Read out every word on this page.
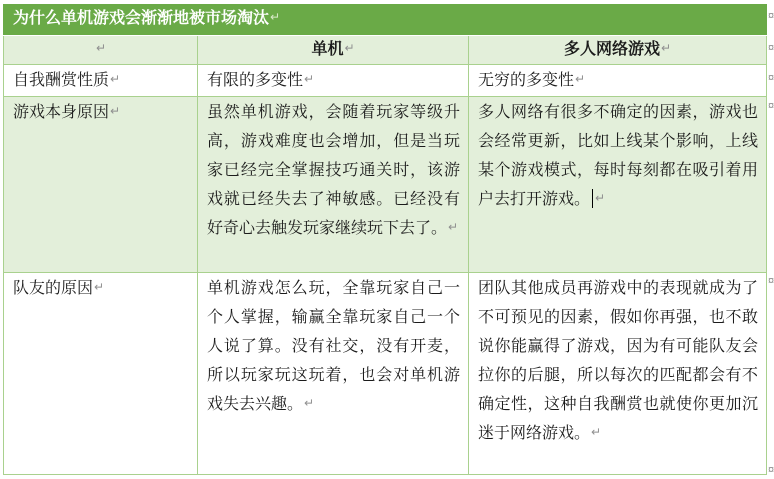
为什么单机游戏会渐渐地被市场淘汰↵		
↵	单机↵	多人网络游戏↵
自我酬赏性质↵	有限的多变性↵	无穷的多变性↵
游戏本身原因↵	虽然单机游戏，会随着玩家等级升高，游戏难度也会增加，但是当玩家已经完全掌握技巧通关时，该游戏就已经失去了神敏感。已经没有好奇心去触发玩家继续玩下去了。↵	多人网络有很多不确定的因素，游戏也会经常更新，比如上线某个影响，上线某个游戏模式，每时每刻都在吸引着用户去打开游戏。 ↵

队友的原因↵	单机游戏怎么玩，全靠玩家自己一个人掌握，输赢全靠玩家自己一个人说了算。没有社交，没有开麦，所以玩家玩这玩着，也会对单机游戏失去兴趣。↵	团队其他成员再游戏中的表现就成为了不可预见的因素，假如你再强，也不敢说你能赢得了游戏，因为有可能队友会拉你的后腿，所以每次的匹配都会有不确定性，这种自我酬赏也就使你更加沉迷于网络游戏。↵
¤
¤
¤
¤
¤
¤
